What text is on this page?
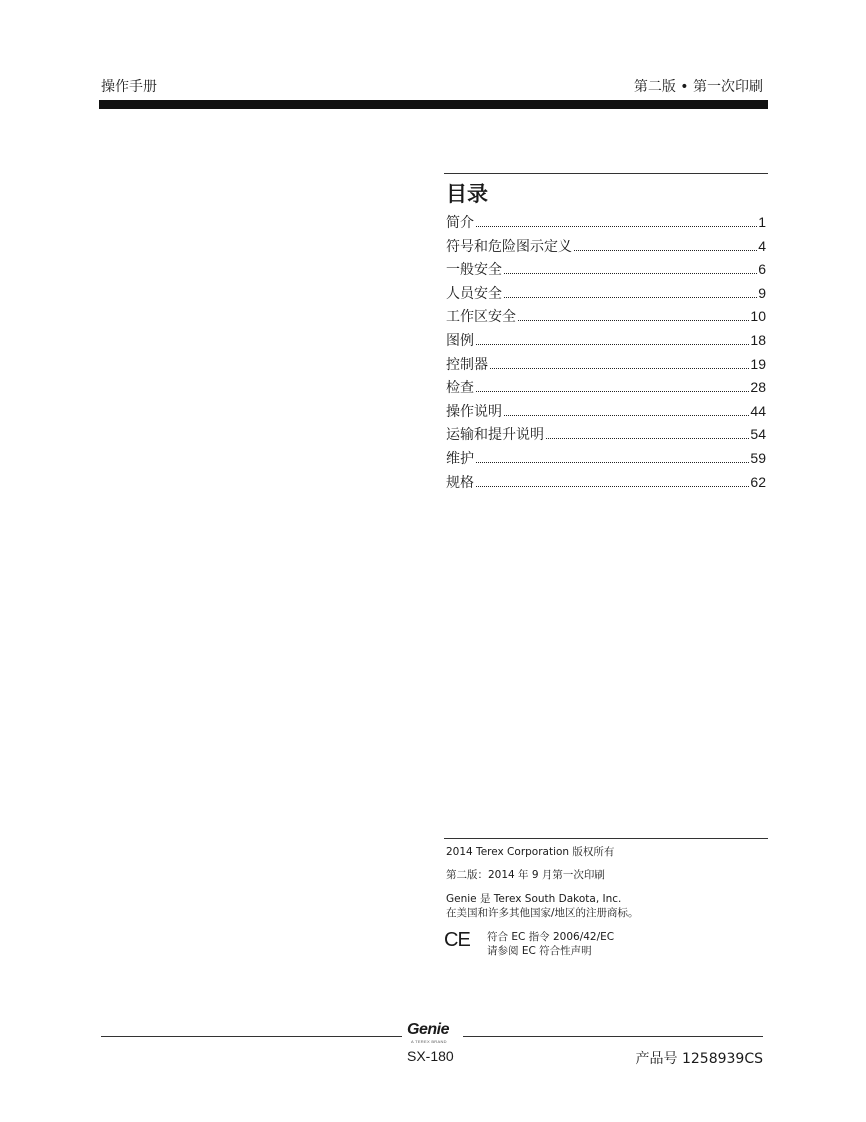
操作手册	第二版 • 第一次印刷
目录
简介	1
符号和危险图示定义	4
一般安全	6
人员安全	9
工作区安全	10
图例	18
控制器	19
检查	28
操作说明	44
运输和提升说明	54
维护	59
规格	62
2014 Terex Corporation 版权所有
第二版：2014 年 9 月第一次印刷
Genie 是 Terex South Dakota, Inc.
在美国和许多其他国家/地区的注册商标。
CE 符合 EC 指令 2006/42/EC
请参阅 EC 符合性声明
Genie
A TEREX BRAND
SX-180	产品号 1258939CS
